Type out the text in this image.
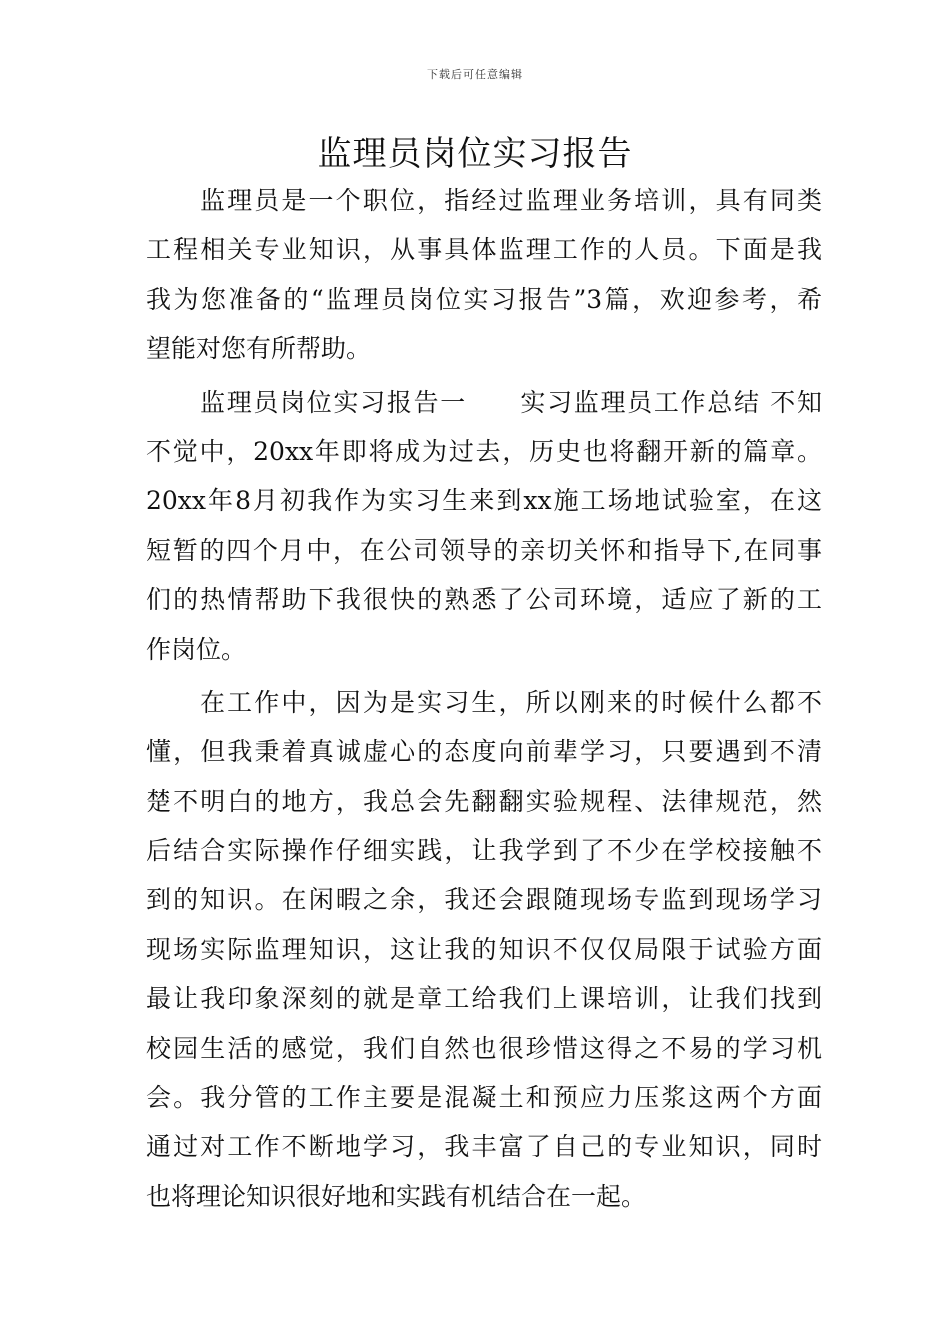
下载后可任意编辑
监理员岗位实习报告
监理员是一个职位，指经过监理业务培训，具有同类
工程相关专业知识，从事具体监理工作的人员。下面是我
我为您准备的“监理员岗位实习报告”3篇，欢迎参考，希
望能对您有所帮助。
监理员岗位实习报告一　　实习监理员工作总结 不知
不觉中，20xx年即将成为过去，历史也将翻开新的篇章。
20xx年8月初我作为实习生来到xx施工场地试验室，在这
短暂的四个月中，在公司领导的亲切关怀和指导下,在同事
们的热情帮助下我很快的熟悉了公司环境，适应了新的工
作岗位。
在工作中，因为是实习生，所以刚来的时候什么都不
懂，但我秉着真诚虚心的态度向前辈学习，只要遇到不清
楚不明白的地方，我总会先翻翻实验规程、法律规范，然
后结合实际操作仔细实践，让我学到了不少在学校接触不
到的知识。在闲暇之余，我还会跟随现场专监到现场学习
现场实际监理知识，这让我的知识不仅仅局限于试验方面
最让我印象深刻的就是章工给我们上课培训，让我们找到
校园生活的感觉，我们自然也很珍惜这得之不易的学习机
会。我分管的工作主要是混凝土和预应力压浆这两个方面
通过对工作不断地学习，我丰富了自己的专业知识，同时
也将理论知识很好地和实践有机结合在一起。
